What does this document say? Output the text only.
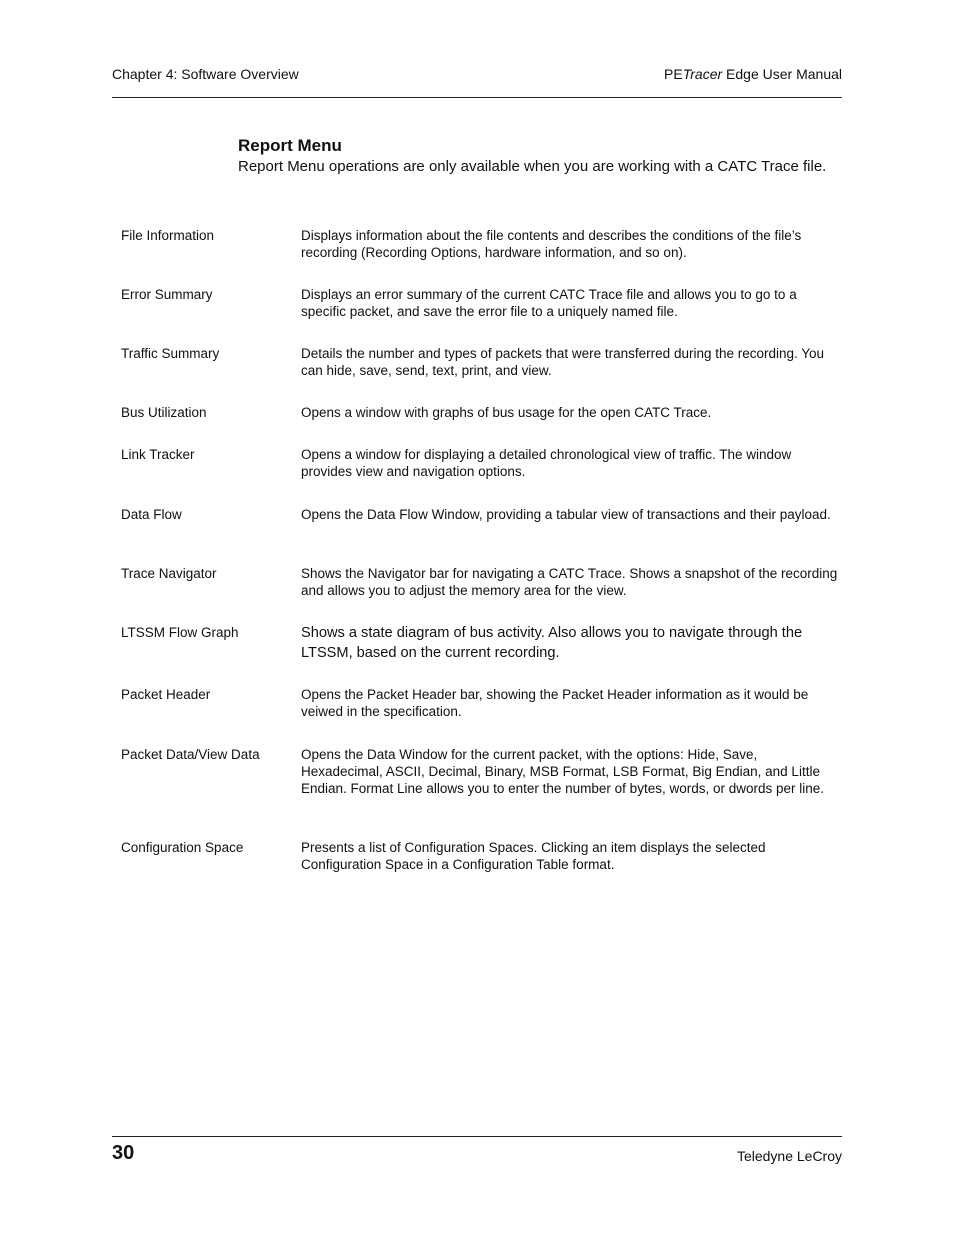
Chapter 4: Software Overview	PETracer Edge User Manual
Report Menu
Report Menu operations are only available when you are working with a CATC Trace file.
File Information	Displays information about the file contents and describes the conditions of the file’s recording (Recording Options, hardware information, and so on).
Error Summary	Displays an error summary of the current CATC Trace file and allows you to go to a specific packet, and save the error file to a uniquely named file.
Traffic Summary	Details the number and types of packets that were transferred during the recording. You can hide, save, send, text, print, and view.
Bus Utilization	Opens a window with graphs of bus usage for the open CATC Trace.
Link Tracker	Opens a window for displaying a detailed chronological view of traffic. The window provides view and navigation options.
Data Flow	Opens the Data Flow Window, providing a tabular view of transactions and their payload.
Trace Navigator	Shows the Navigator bar for navigating a CATC Trace. Shows a snapshot of the recording and allows you to adjust the memory area for the view.
LTSSM Flow Graph	Shows a state diagram of bus activity. Also allows you to navigate through the LTSSM, based on the current recording.
Packet Header	Opens the Packet Header bar, showing the Packet Header information as it would be veiwed in the specification.
Packet Data/View Data	Opens the Data Window for the current packet, with the options: Hide, Save, Hexadecimal, ASCII, Decimal, Binary, MSB Format, LSB Format, Big Endian, and Little Endian. Format Line allows you to enter the number of bytes, words, or dwords per line.
Configuration Space	Presents a list of Configuration Spaces. Clicking an item displays the selected Configuration Space in a Configuration Table format.
30	Teledyne LeCroy
